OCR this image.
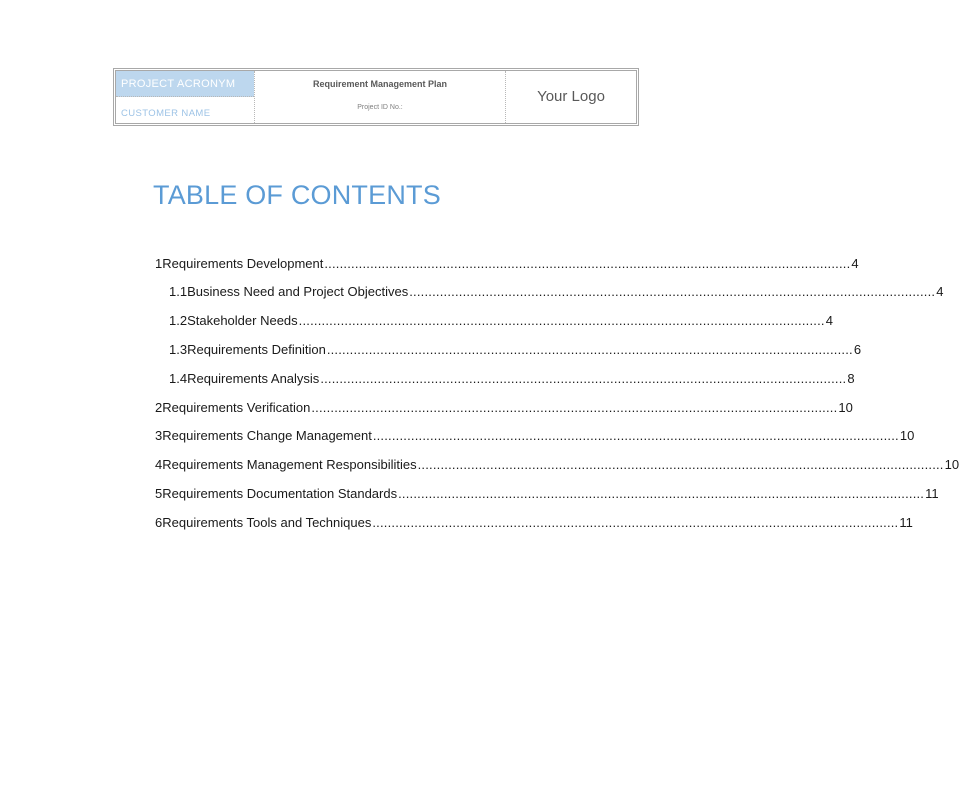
PROJECT ACRONYM
CUSTOMER NAME
Requirement Management Plan
Project ID No.:
Your Logo
TABLE OF CONTENTS
1 Requirements Development .......................................................................................................................................... 4
1.1 Business Need and Project Objectives .......................................................................................................................................... 4
1.2 Stakeholder Needs .......................................................................................................................................... 4
1.3 Requirements Definition .......................................................................................................................................... 6
1.4 Requirements Analysis .......................................................................................................................................... 8
2 Requirements Verification .......................................................................................................................................... 10
3 Requirements Change Management .......................................................................................................................................... 10
4 Requirements Management Responsibilities .......................................................................................................................................... 10
5 Requirements Documentation Standards .......................................................................................................................................... 11
6 Requirements Tools and Techniques .......................................................................................................................................... 11
